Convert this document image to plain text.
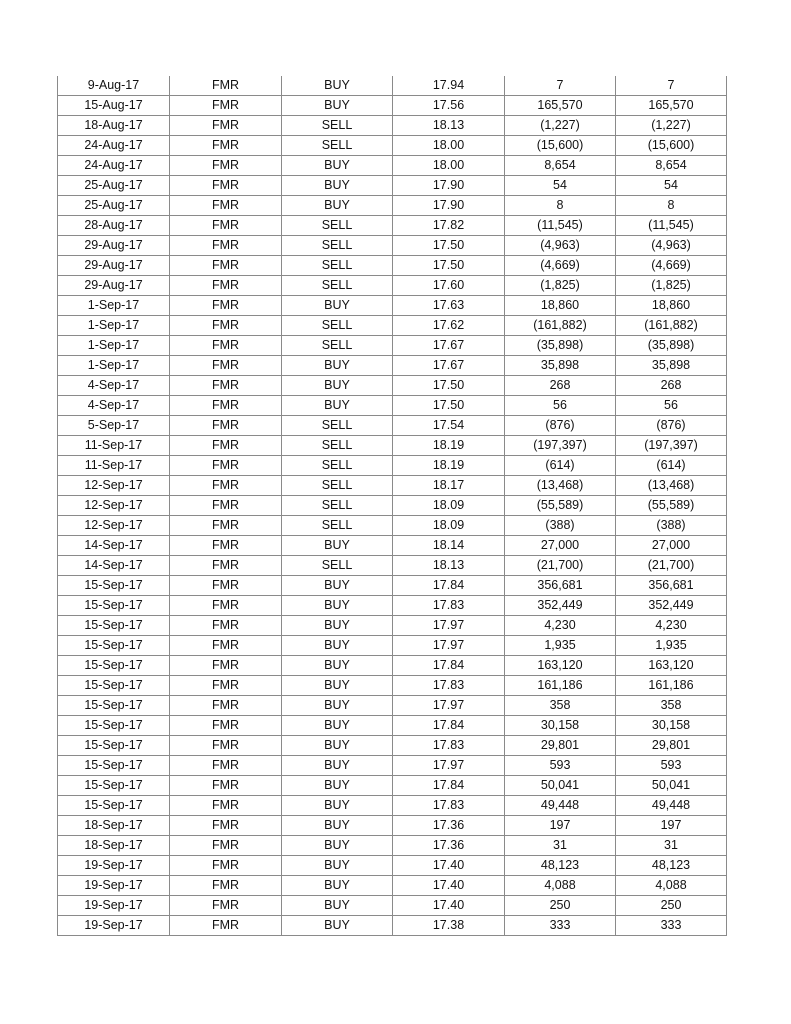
9-Aug-17	FMR	BUY	17.94	7	7
15-Aug-17	FMR	BUY	17.56	165,570	165,570
18-Aug-17	FMR	SELL	18.13	(1,227)	(1,227)
24-Aug-17	FMR	SELL	18.00	(15,600)	(15,600)
24-Aug-17	FMR	BUY	18.00	8,654	8,654
25-Aug-17	FMR	BUY	17.90	54	54
25-Aug-17	FMR	BUY	17.90	8	8
28-Aug-17	FMR	SELL	17.82	(11,545)	(11,545)
29-Aug-17	FMR	SELL	17.50	(4,963)	(4,963)
29-Aug-17	FMR	SELL	17.50	(4,669)	(4,669)
29-Aug-17	FMR	SELL	17.60	(1,825)	(1,825)
1-Sep-17	FMR	BUY	17.63	18,860	18,860
1-Sep-17	FMR	SELL	17.62	(161,882)	(161,882)
1-Sep-17	FMR	SELL	17.67	(35,898)	(35,898)
1-Sep-17	FMR	BUY	17.67	35,898	35,898
4-Sep-17	FMR	BUY	17.50	268	268
4-Sep-17	FMR	BUY	17.50	56	56
5-Sep-17	FMR	SELL	17.54	(876)	(876)
11-Sep-17	FMR	SELL	18.19	(197,397)	(197,397)
11-Sep-17	FMR	SELL	18.19	(614)	(614)
12-Sep-17	FMR	SELL	18.17	(13,468)	(13,468)
12-Sep-17	FMR	SELL	18.09	(55,589)	(55,589)
12-Sep-17	FMR	SELL	18.09	(388)	(388)
14-Sep-17	FMR	BUY	18.14	27,000	27,000
14-Sep-17	FMR	SELL	18.13	(21,700)	(21,700)
15-Sep-17	FMR	BUY	17.84	356,681	356,681
15-Sep-17	FMR	BUY	17.83	352,449	352,449
15-Sep-17	FMR	BUY	17.97	4,230	4,230
15-Sep-17	FMR	BUY	17.97	1,935	1,935
15-Sep-17	FMR	BUY	17.84	163,120	163,120
15-Sep-17	FMR	BUY	17.83	161,186	161,186
15-Sep-17	FMR	BUY	17.97	358	358
15-Sep-17	FMR	BUY	17.84	30,158	30,158
15-Sep-17	FMR	BUY	17.83	29,801	29,801
15-Sep-17	FMR	BUY	17.97	593	593
15-Sep-17	FMR	BUY	17.84	50,041	50,041
15-Sep-17	FMR	BUY	17.83	49,448	49,448
18-Sep-17	FMR	BUY	17.36	197	197
18-Sep-17	FMR	BUY	17.36	31	31
19-Sep-17	FMR	BUY	17.40	48,123	48,123
19-Sep-17	FMR	BUY	17.40	4,088	4,088
19-Sep-17	FMR	BUY	17.40	250	250
19-Sep-17	FMR	BUY	17.38	333	333
